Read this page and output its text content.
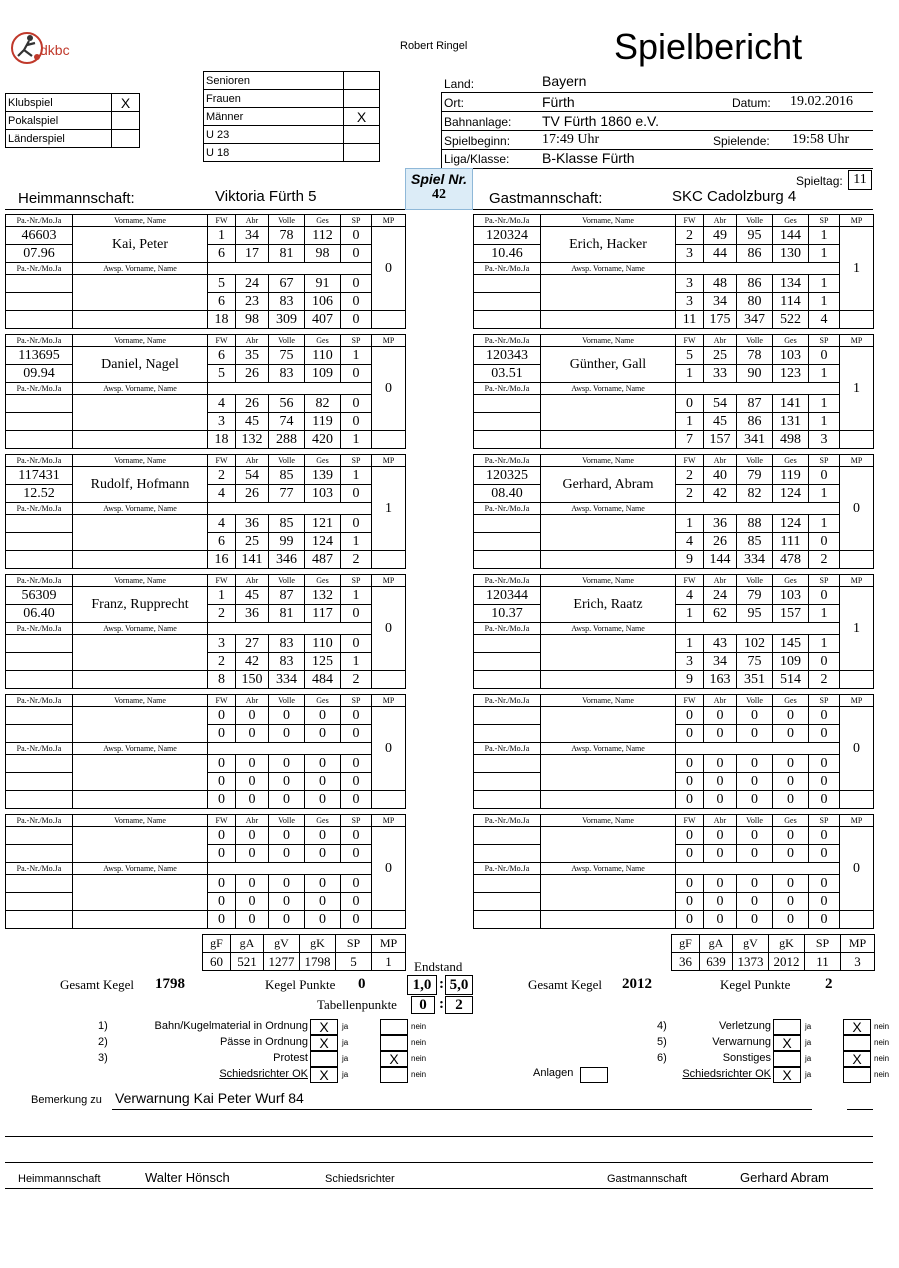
dkbc	Robert Ringel	Spielbericht
Klubspiel	X
Pokalspiel	
Länderspiel	
Senioren	
Frauen	
Männer	X
U 23	
U 18	
Land:	Bayern
Ort:	Fürth	Datum: 19.02.2016
Bahnanlage: TV Fürth 1860 e.V.
Spielbeginn: 17:49 Uhr	Spielende: 19:58 Uhr
Liga/Klasse: B-Klasse Fürth
Spieltag: 11
Spiel Nr.
42
Heimmannschaft:	Viktoria Fürth 5	Gastmannschaft:	SKC Cadolzburg 4
Pa.-Nr./Mo.Ja	Vorname, Name	FW	Abr	Volle	Ges	SP	MP
46603	Kai, Peter	1	34	78	112	0	0
07.96		6	17	81	98	0	
Pa.-Nr./Mo.Ja	Awsp. Vorname, Name						
		5	24	67	91	0	
		6	23	83	106	0	
		18	98	309	407	0	
Pa.-Nr./Mo.Ja	Vorname, Name	FW	Abr	Volle	Ges	SP	MP
113695	Daniel, Nagel	6	35	75	110	1	0
09.94		5	26	83	109	0	
Pa.-Nr./Mo.Ja	Awsp. Vorname, Name						
		4	26	56	82	0	
		3	45	74	119	0	
		18	132	288	420	1	
Pa.-Nr./Mo.Ja	Vorname, Name	FW	Abr	Volle	Ges	SP	MP
117431	Rudolf, Hofmann	2	54	85	139	1	1
12.52		4	26	77	103	0	
Pa.-Nr./Mo.Ja	Awsp. Vorname, Name						
		4	36	85	121	0	
		6	25	99	124	1	
		16	141	346	487	2	
Pa.-Nr./Mo.Ja	Vorname, Name	FW	Abr	Volle	Ges	SP	MP
56309	Franz, Rupprecht	1	45	87	132	1	0
06.40		2	36	81	117	0	
Pa.-Nr./Mo.Ja	Awsp. Vorname, Name						
		3	27	83	110	0	
		2	42	83	125	1	
		8	150	334	484	2	
Pa.-Nr./Mo.Ja	Vorname, Name	FW	Abr	Volle	Ges	SP	MP
		0	0	0	0	0	0
		0	0	0	0	0	
Pa.-Nr./Mo.Ja	Awsp. Vorname, Name						
		0	0	0	0	0	
		0	0	0	0	0	
		0	0	0	0	0	
Pa.-Nr./Mo.Ja	Vorname, Name	FW	Abr	Volle	Ges	SP	MP
		0	0	0	0	0	0
		0	0	0	0	0	
Pa.-Nr./Mo.Ja	Awsp. Vorname, Name						
		0	0	0	0	0	
		0	0	0	0	0	
		0	0	0	0	0	
Pa.-Nr./Mo.Ja	Vorname, Name	FW	Abr	Volle	Ges	SP	MP
120324	Erich, Hacker	2	49	95	144	1	1
10.46		3	44	86	130	1	
Pa.-Nr./Mo.Ja	Awsp. Vorname, Name						
		3	48	86	134	1	
		3	34	80	114	1	
		11	175	347	522	4	
Pa.-Nr./Mo.Ja	Vorname, Name	FW	Abr	Volle	Ges	SP	MP
120343	Günther, Gall	5	25	78	103	0	1
03.51		1	33	90	123	1	
Pa.-Nr./Mo.Ja	Awsp. Vorname, Name						
		0	54	87	141	1	
		1	45	86	131	1	
		7	157	341	498	3	
Pa.-Nr./Mo.Ja	Vorname, Name	FW	Abr	Volle	Ges	SP	MP
120325	Gerhard, Abram	2	40	79	119	0	0
08.40		2	42	82	124	1	
Pa.-Nr./Mo.Ja	Awsp. Vorname, Name						
		1	36	88	124	1	
		4	26	85	111	0	
		9	144	334	478	2	
Pa.-Nr./Mo.Ja	Vorname, Name	FW	Abr	Volle	Ges	SP	MP
120344	Erich, Raatz	4	24	79	103	0	1
10.37		1	62	95	157	1	
Pa.-Nr./Mo.Ja	Awsp. Vorname, Name						
		1	43	102	145	1	
		3	34	75	109	0	
		9	163	351	514	2	
Pa.-Nr./Mo.Ja	Vorname, Name	FW	Abr	Volle	Ges	SP	MP
		0	0	0	0	0	0
		0	0	0	0	0	
Pa.-Nr./Mo.Ja	Awsp. Vorname, Name						
		0	0	0	0	0	
		0	0	0	0	0	
		0	0	0	0	0	
Pa.-Nr./Mo.Ja	Vorname, Name	FW	Abr	Volle	Ges	SP	MP
		0	0	0	0	0	0
		0	0	0	0	0	
Pa.-Nr./Mo.Ja	Awsp. Vorname, Name						
		0	0	0	0	0	
		0	0	0	0	0	
		0	0	0	0	0	
gF	gA	gV	gK	SP	MP
60	521	1277	1798	5	1
gF	gA	gV	gK	SP	MP
36	639	1373	2012	11	3
Endstand
Gesamt Kegel 1798	Kegel Punkte 0	1,0 : 5,0
Tabellenpunkte	0 : 2
Gesamt Kegel 2012	Kegel Punkte 2
1)	Bahn/Kugelmaterial in Ordnung X	ja	nein
2)	Pässe in Ordnung X	ja	nein
3)	Protest	ja	X	nein
Schiedsrichter OK X	ja	nein
4)	Verletzung	ja	X	nein
5)	Verwarnung X	ja	nein
6)	Sonstiges	ja	X	nein
Schiedsrichter OK X	ja	nein
Anlagen
Bemerkung zu Verwarnung Kai Peter Wurf 84
Heimmannschaft	Walter Hönsch	Schiedsrichter	Gastmannschaft	Gerhard Abram
